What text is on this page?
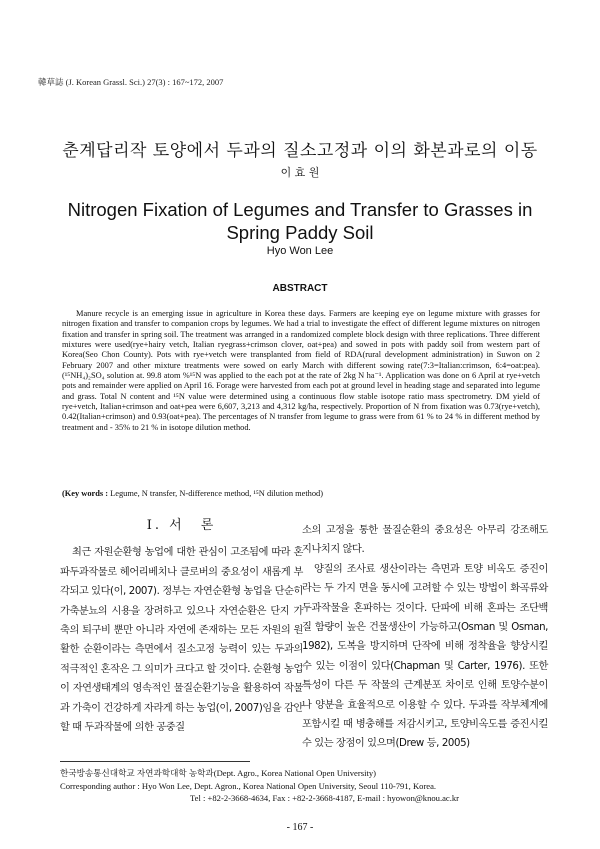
韓草誌 (J. Korean Grassl. Sci.) 27(3) : 167~172, 2007
춘계답리작 토양에서 두과의 질소고정과 이의 화본과로의 이동
이 효 원
Nitrogen Fixation of Legumes and Transfer to Grasses in Spring Paddy Soil
Hyo Won Lee
ABSTRACT

Manure recycle is an emerging issue in agriculture in Korea these days. Farmers are keeping eye on legume mixture with grasses for nitrogen fixation and transfer to companion crops by legumes. We had a trial to investigate the effect of different legume mixtures on nitrogen fixation and transfer in spring soil. The treatment was arranged in a randomized complete block design with three replications. Three different mixtures were used(rye+hairy vetch, Italian ryegrass+crimson clover, oat+pea) and sowed in pots with paddy soil from western part of Korea(Seo Chon County). Pots with rye+vetch were transplanted from field of RDA(rural development administration) in Suwon on 2 February 2007 and other mixture treatments were sowed on early March with different sowing rate(7:3=Italian:crimson, 6:4=oat:pea). (¹⁵NH₄)₂SO₄ solution at. 99.8 atom %¹⁵N was applied to the each pot at the rate of 2kg N ha⁻¹. Application was done on 6 April at rye+vetch pots and remainder were applied on April 16. Forage were harvested from each pot at ground level in heading stage and separated into legume and grass. Total N content and ¹⁵N value were determined using a continuous flow stable isotope ratio mass spectrometry. DM yield of rye+vetch, Italian+crimson and oat+pea were 6,607, 3,213 and 4,312 kg/ha, respectively. Proportion of N from fixation was 0.73(rye+vetch), 0.42(Italian+crimson) and 0.93(oat+pea). The percentages of N transfer from legume to grass were from 61 % to 24 % in different method by treatment and - 35% to 21 % in isotope dilution method.

(Key words : Legume, N transfer, N-difference method, ¹⁵N dilution method)
I. 서　론

최근 자원순환형 농업에 대한 관심이 고조됨에 따라 혼파두과작물로 헤어리베치나 클로버의 중요성이 새롭게 부각되고 있다(이, 2007). 정부는 자연순환형 농업을 단순히 가축분뇨의 시용을 장려하고 있으나 자연순환은 단지 가축의 퇴구비 뿐만 아니라 자연에 존재하는 모든 자원의 원활한 순환이라는 측면에서 질소고정 능력이 있는 두과의 적극적인 혼작은 그 의미가 크다고 할 것이다. 순환형 농업이 자연생태계의 영속적인 물질순환기능을 활용하여 작물과 가축이 건강하게 자라게 하는 농업(이, 2007)임을 감안할 때 두과작물에 의한 공중질

소의 고정을 통한 물질순환의 중요성은 아무리 강조해도 지나치지 않다.

양질의 조사료 생산이라는 측면과 토양 비옥도 증진이라는 두 가지 면을 동시에 고려할 수 있는 방법이 화곡류와 두과작물을 혼파하는 것이다. 단파에 비해 혼파는 조단백질 함량이 높은 건물생산이 가능하고(Osman 및 Osman, 1982), 도복을 방지하며 단작에 비해 정착율을 향상시킬 수 있는 이점이 있다(Chapman 및 Carter, 1976). 또한 특성이 다른 두 작물의 근계분포 차이로 인해 토양수분이나 양분을 효율적으로 이용할 수 있다. 두과를 작부체계에 포함시킬 때 병충해를 저감시키고, 토양비옥도를 증진시킬 수 있는 장점이 있으며(Drew 등, 2005)

한국방송통신대학교 자연과학대학 농학과(Dept. Agro., Korea National Open University)
Corresponding author : Hyo Won Lee, Dept. Agron., Korea National Open University, Seoul 110-791, Korea.
Tel : +82-2-3668-4634, Fax : +82-2-3668-4187, E-mail : hyowon@knou.ac.kr
- 167 -
